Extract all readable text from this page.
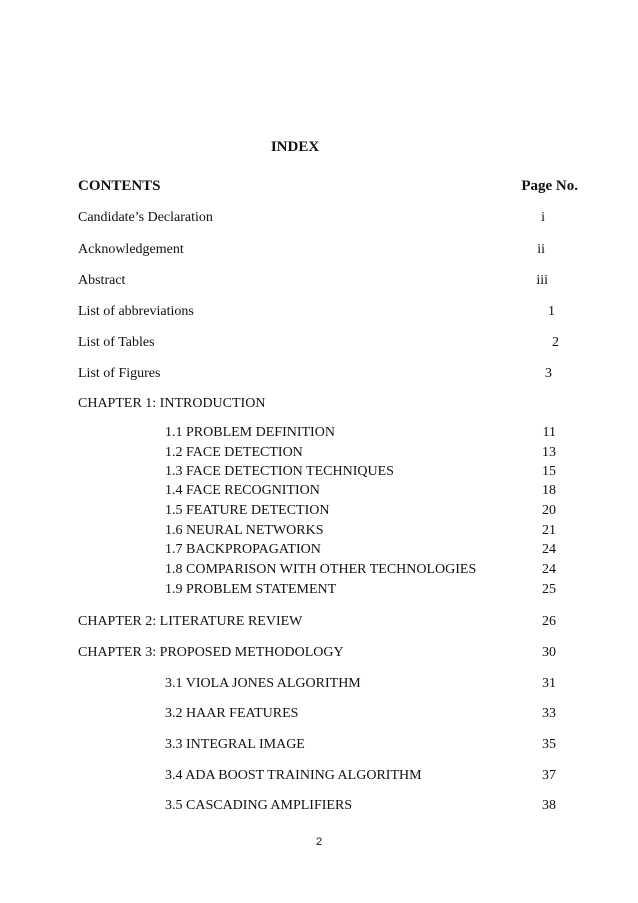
INDEX
CONTENTS	Page No.
Candidate’s Declaration	i
Acknowledgement	ii
Abstract	iii
List of abbreviations	1
List of Tables	2
List of Figures	3
CHAPTER 1: INTRODUCTION
1.1 PROBLEM DEFINITION	11
1.2 FACE DETECTION	13
1.3 FACE DETECTION TECHNIQUES	15
1.4 FACE RECOGNITION	18
1.5 FEATURE DETECTION	20
1.6 NEURAL NETWORKS	21
1.7 BACKPROPAGATION	24
1.8 COMPARISON WITH OTHER TECHNOLOGIES	24
1.9 PROBLEM STATEMENT	25
CHAPTER 2: LITERATURE REVIEW	26
CHAPTER 3: PROPOSED METHODOLOGY	30
3.1 VIOLA JONES ALGORITHM	31
3.2 HAAR FEATURES	33
3.3 INTEGRAL IMAGE	35
3.4 ADA BOOST TRAINING ALGORITHM	37
3.5 CASCADING AMPLIFIERS	38
2
